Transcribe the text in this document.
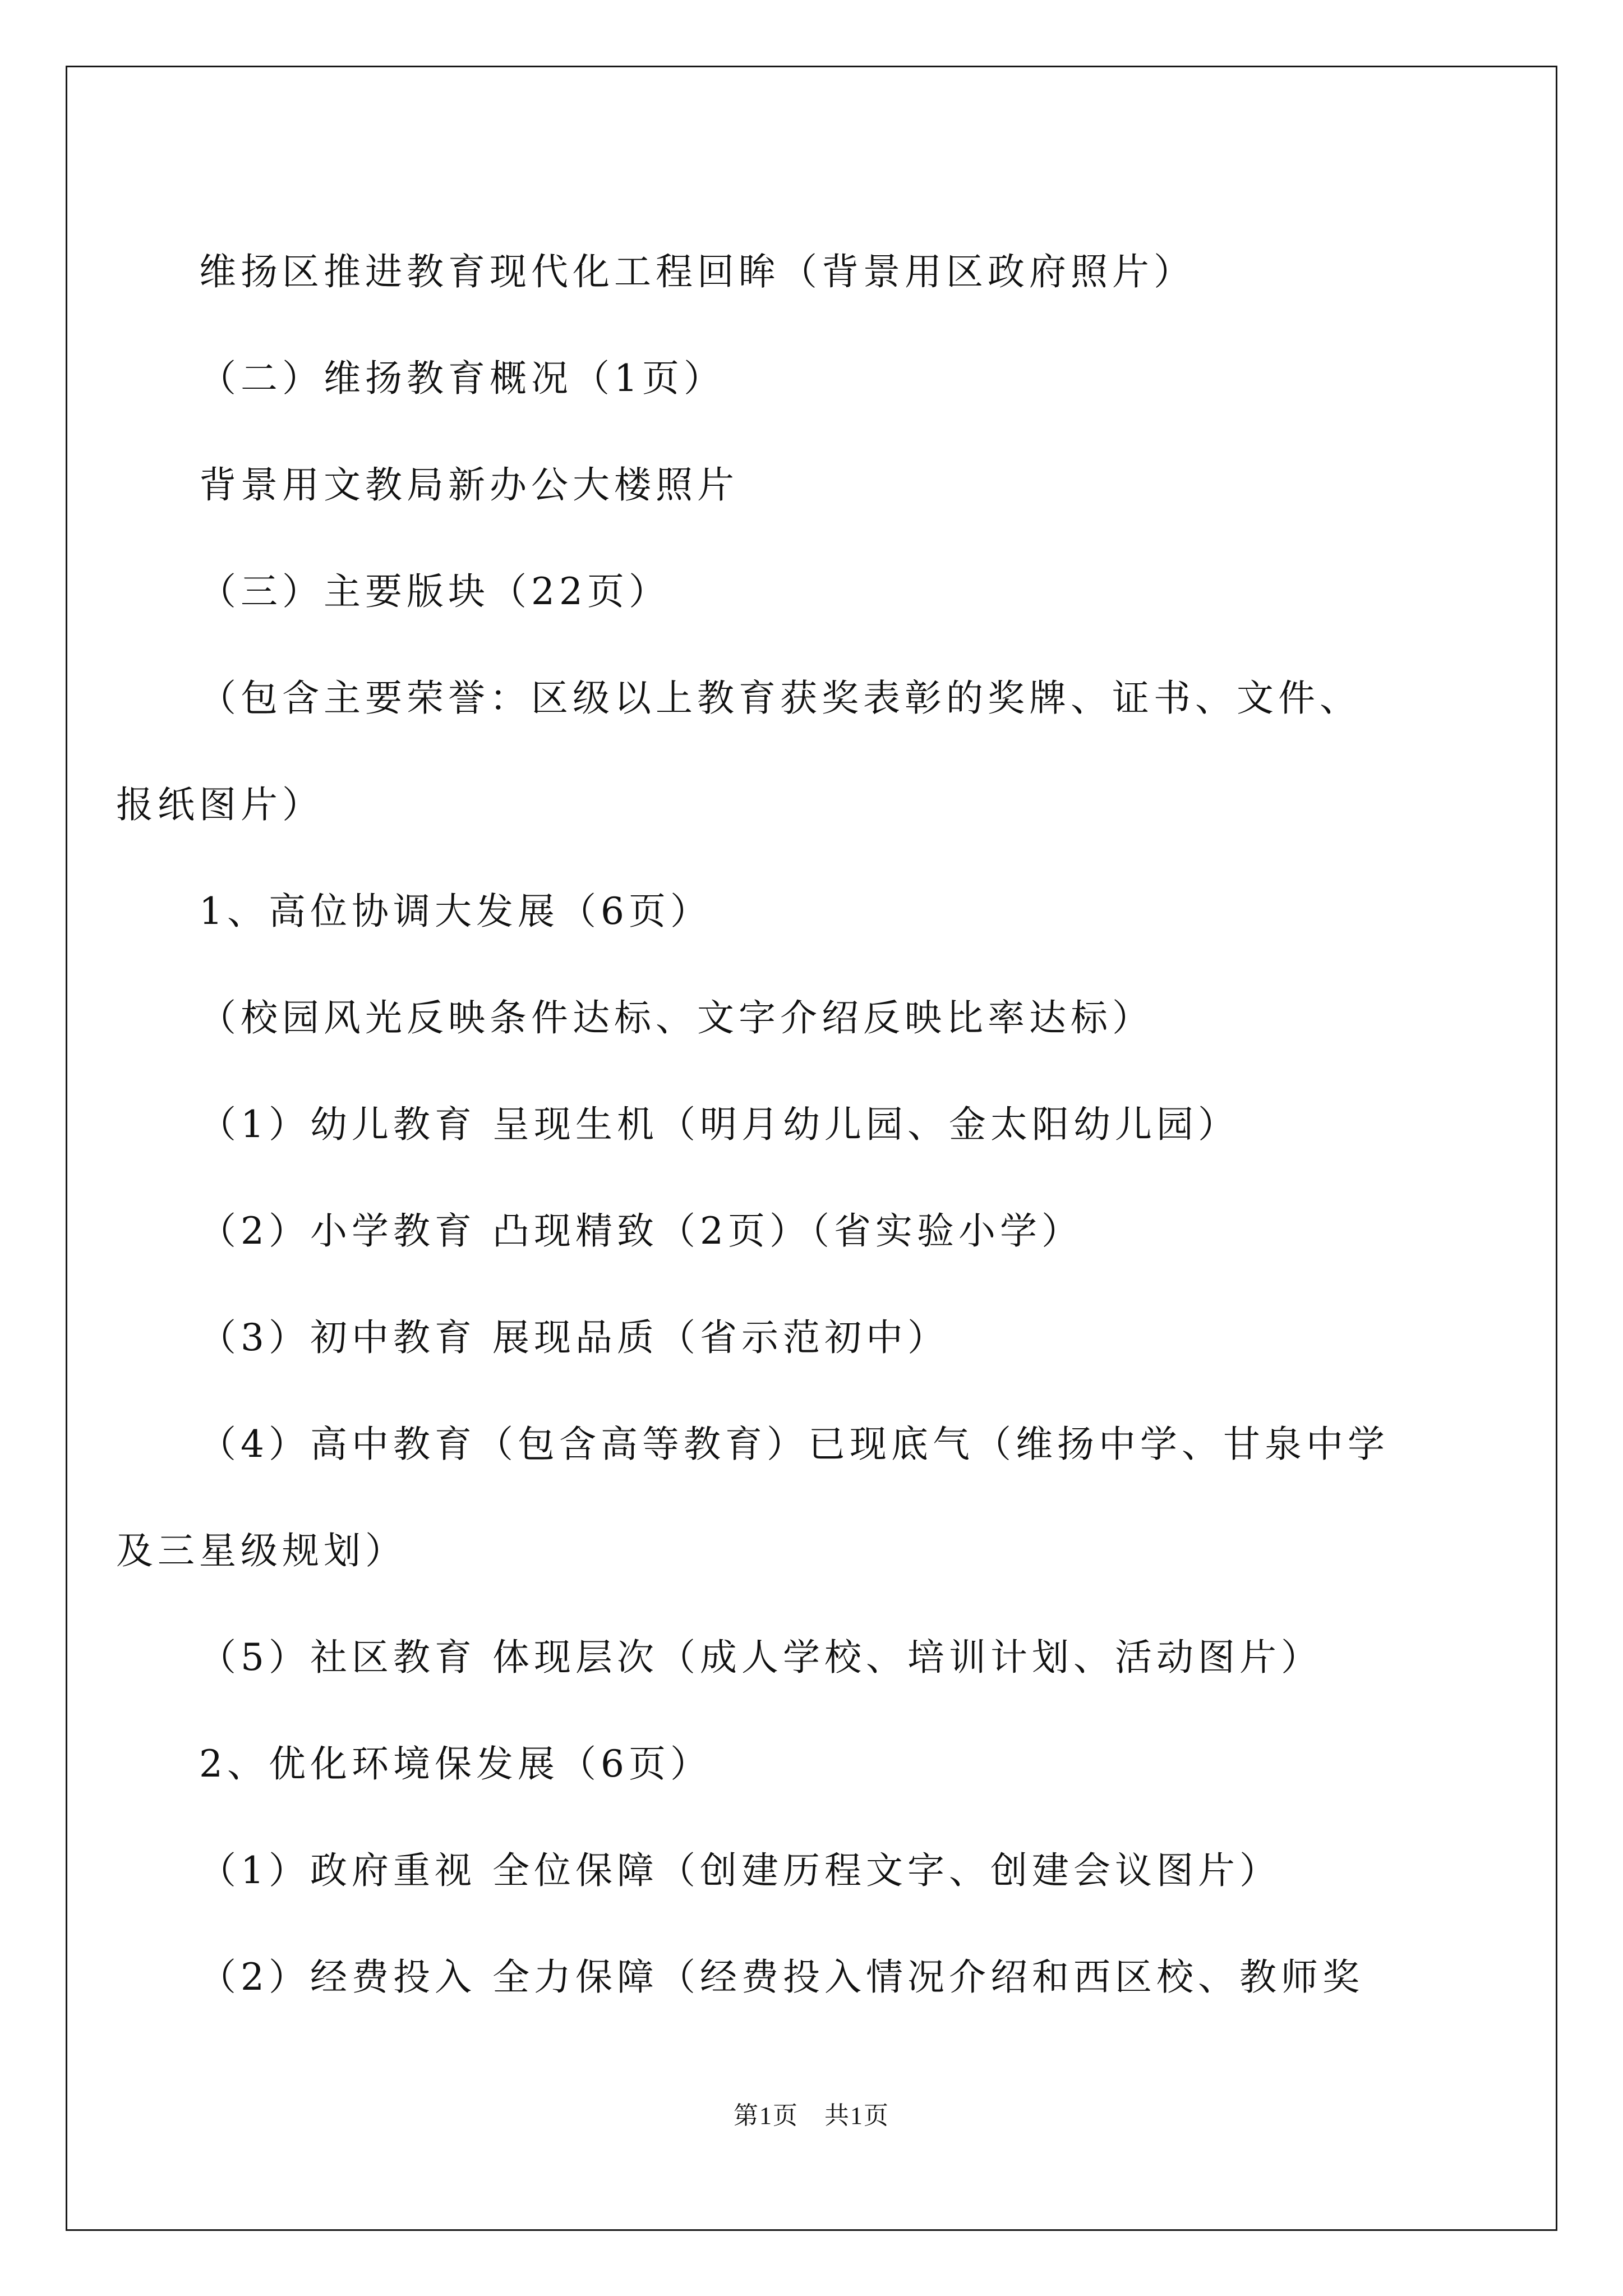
维扬区推进教育现代化工程回眸（背景用区政府照片）
（二）维扬教育概况（1页）
背景用文教局新办公大楼照片
（三）主要版块（22页）
（包含主要荣誉：区级以上教育获奖表彰的奖牌、证书、文件、
报纸图片）
1、高位协调大发展（6页）
（校园风光反映条件达标、文字介绍反映比率达标）
（1）幼儿教育 呈现生机（明月幼儿园、金太阳幼儿园）
（2）小学教育 凸现精致（2页）（省实验小学）
（3）初中教育 展现品质（省示范初中）
（4）高中教育（包含高等教育）已现底气（维扬中学、甘泉中学
及三星级规划）
（5）社区教育 体现层次（成人学校、培训计划、活动图片）
2、优化环境保发展（6页）
（1）政府重视 全位保障（创建历程文字、创建会议图片）
（2）经费投入 全力保障（经费投入情况介绍和西区校、教师奖
第1页　共1页
